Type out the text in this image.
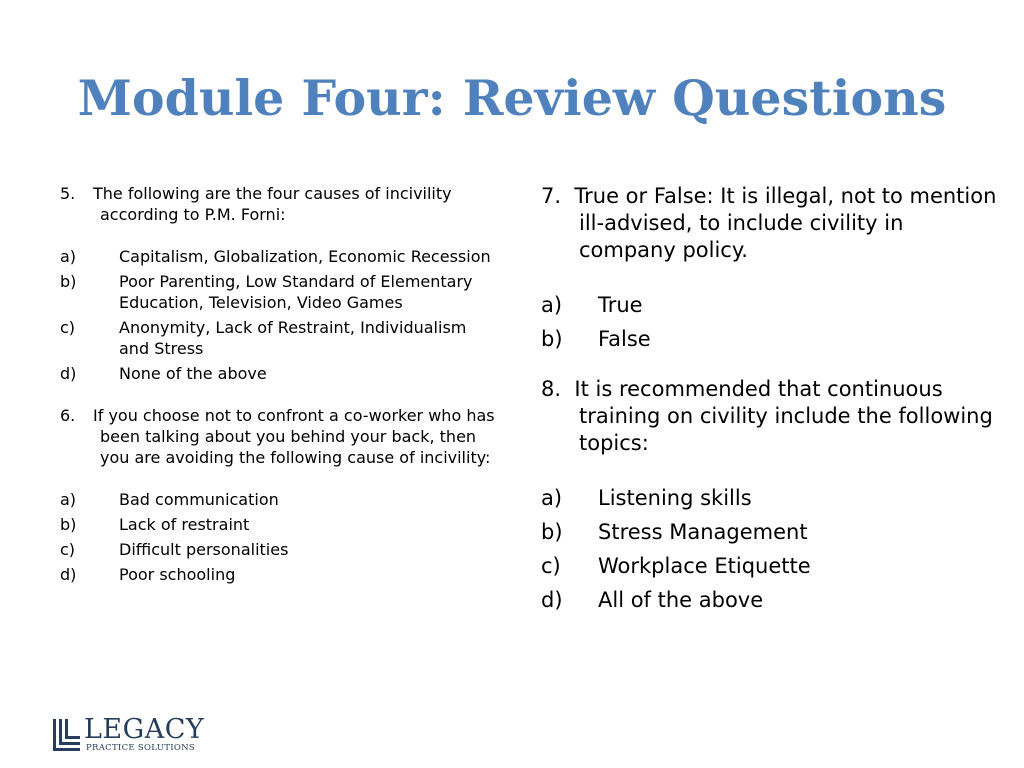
Module Four: Review Questions
5. The following are the four causes of incivility according to P.M. Forni:
a)	Capitalism, Globalization, Economic Recession
b)	Poor Parenting, Low Standard of Elementary Education, Television, Video Games
c)	Anonymity, Lack of Restraint, Individualism and Stress
d)	None of the above
6. If you choose not to confront a co-worker who has been talking about you behind your back, then you are avoiding the following cause of incivility:
a)	Bad communication
b)	Lack of restraint
c)	Difficult personalities
d)	Poor schooling
7. True or False: It is illegal, not to mention ill-advised, to include civility in company policy.
a)	True
b)	False
8. It is recommended that continuous training on civility include the following topics:
a)	Listening skills
b)	Stress Management
c)	Workplace Etiquette
d)	All of the above
LEGACY
PRACTICE SOLUTIONS
